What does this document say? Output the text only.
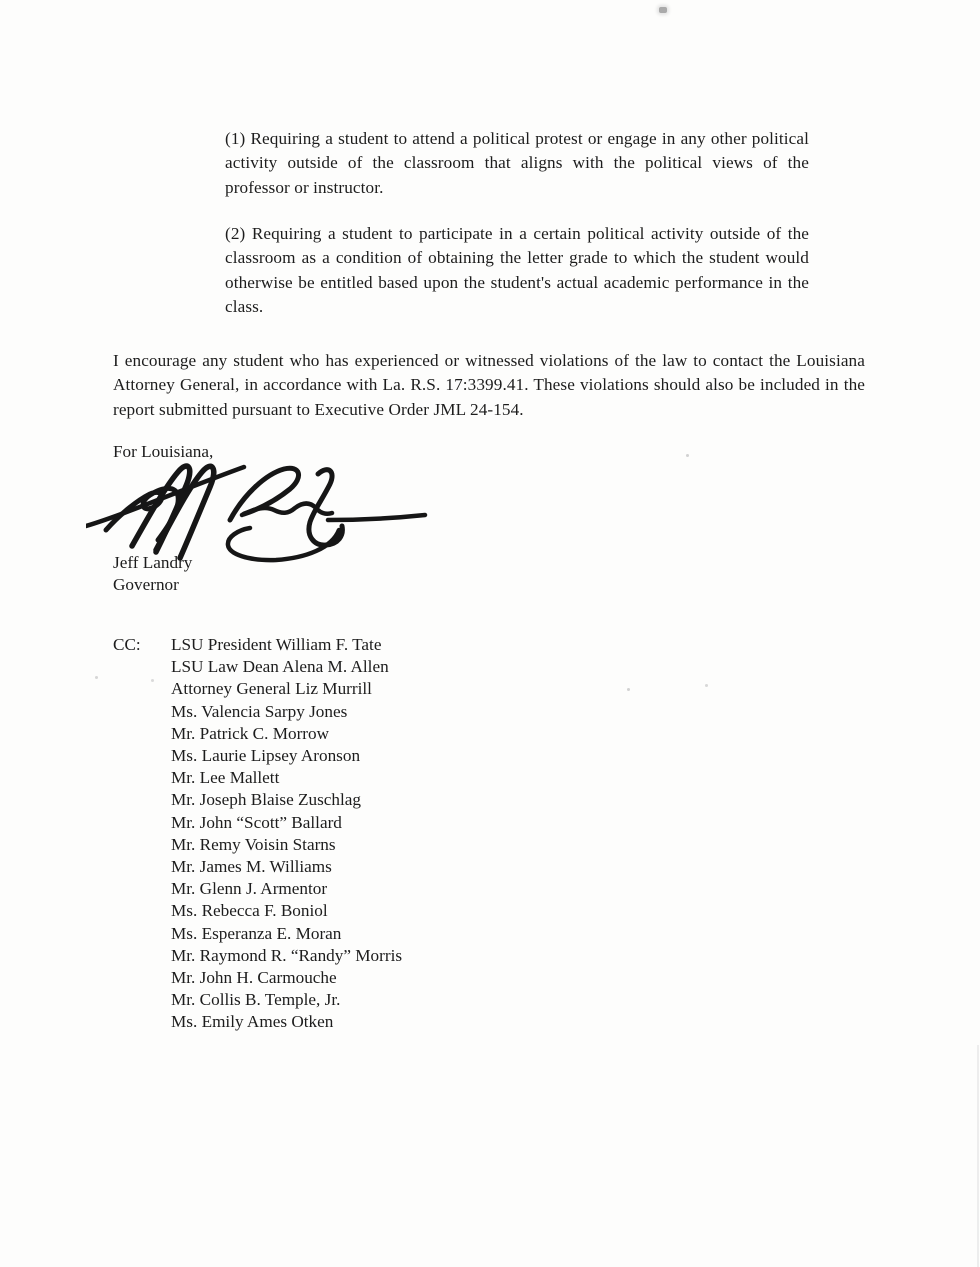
(1) Requiring a student to attend a political protest or engage in any other political activity outside of the classroom that aligns with the political views of the professor or instructor.

(2) Requiring a student to participate in a certain political activity outside of the classroom as a condition of obtaining the letter grade to which the student would otherwise be entitled based upon the student's actual academic performance in the class.

I encourage any student who has experienced or witnessed violations of the law to contact the Louisiana Attorney General, in accordance with La. R.S. 17:3399.41. These violations should also be included in the report submitted pursuant to Executive Order JML 24-154.

For Louisiana,
Jeff Landry
Governor
CC:	LSU President William F. Tate
LSU Law Dean Alena M. Allen
Attorney General Liz Murrill
Ms. Valencia Sarpy Jones
Mr. Patrick C. Morrow
Ms. Laurie Lipsey Aronson
Mr. Lee Mallett
Mr. Joseph Blaise Zuschlag
Mr. John “Scott” Ballard
Mr. Remy Voisin Starns
Mr. James M. Williams
Mr. Glenn J. Armentor
Ms. Rebecca F. Boniol
Ms. Esperanza E. Moran
Mr. Raymond R. “Randy” Morris
Mr. John H. Carmouche
Mr. Collis B. Temple, Jr.
Ms. Emily Ames Otken
